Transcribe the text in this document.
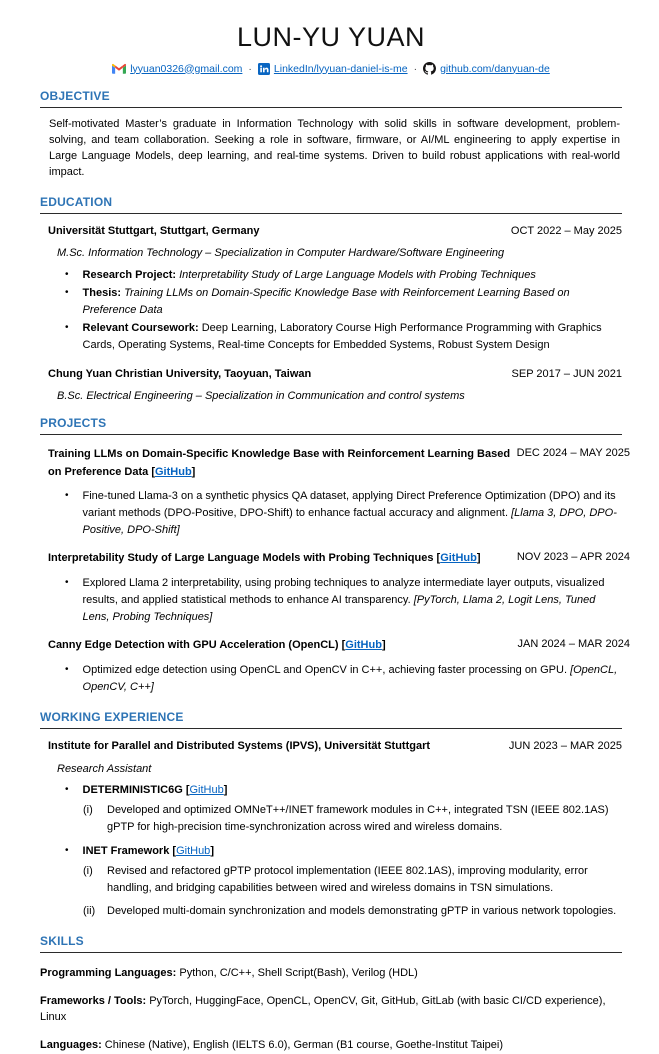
LUN-YU YUAN
lyyuan0326@gmail.com · LinkedIn/lyyuan-daniel-is-me · github.com/danyuan-de
OBJECTIVE

Self-motivated Master’s graduate in Information Technology with solid skills in software development, problem-solving, and team collaboration. Seeking a role in software, firmware, or AI/ML engineering to apply expertise in Large Language Models, deep learning, and real-time systems. Driven to build robust applications with real-world impact.

EDUCATION
Universität Stuttgart, Stuttgart, Germany	OCT 2022 – May 2025
M.Sc. Information Technology – Specialization in Computer Hardware/Software Engineering
• Research Project: Interpretability Study of Large Language Models with Probing Techniques
• Thesis: Training LLMs on Domain-Specific Knowledge Base with Reinforcement Learning Based on Preference Data
• Relevant Coursework: Deep Learning, Laboratory Course High Performance Programming with Graphics Cards, Operating Systems, Real-time Concepts for Embedded Systems, Robust System Design
Chung Yuan Christian University, Taoyuan, Taiwan	SEP 2017 – JUN 2021
B.Sc. Electrical Engineering – Specialization in Communication and control systems
PROJECTS
Training LLMs on Domain-Specific Knowledge Base with Reinforcement Learning Based on Preference Data [GitHub]
DEC 2024 – MAY 2025
• Fine-tuned Llama-3 on a synthetic physics QA dataset, applying Direct Preference Optimization (DPO) and its variant methods (DPO-Positive, DPO-Shift) to enhance factual accuracy and alignment. [Llama 3, DPO, DPO-Positive, DPO-Shift]
Interpretability Study of Large Language Models with Probing Techniques [GitHub]	NOV 2023 – APR 2024
• Explored Llama 2 interpretability, using probing techniques to analyze intermediate layer outputs, visualized results, and applied statistical methods to enhance AI transparency. [PyTorch, Llama 2, Logit Lens, Tuned Lens, Probing Techniques]
Canny Edge Detection with GPU Acceleration (OpenCL) [GitHub]	JAN 2024 – MAR 2024
• Optimized edge detection using OpenCL and OpenCV in C++, achieving faster processing on GPU. [OpenCL, OpenCV, C++]
WORKING EXPERIENCE
Institute for Parallel and Distributed Systems (IPVS), Universität Stuttgart	JUN 2023 – MAR 2025
Research Assistant
• DETERMINISTIC6G [GitHub]
(i)	Developed and optimized OMNeT++/INET framework modules in C++, integrated TSN (IEEE 802.1AS) gPTP for high-precision time-synchronization across wired and wireless domains.
• INET Framework [GitHub]
(i)	Revised and refactored gPTP protocol implementation (IEEE 802.1AS), improving modularity, error handling, and bridging capabilities between wired and wireless domains in TSN simulations.
(ii) Developed multi-domain synchronization and models demonstrating gPTP in various network topologies.
SKILLS
Programming Languages: Python, C/C++, Shell Script(Bash), Verilog (HDL)
Frameworks / Tools: PyTorch, HuggingFace, OpenCL, OpenCV, Git, GitHub, GitLab (with basic CI/CD experience), Linux
Languages: Chinese (Native), English (IELTS 6.0), German (B1 course, Goethe-Institut Taipei)
